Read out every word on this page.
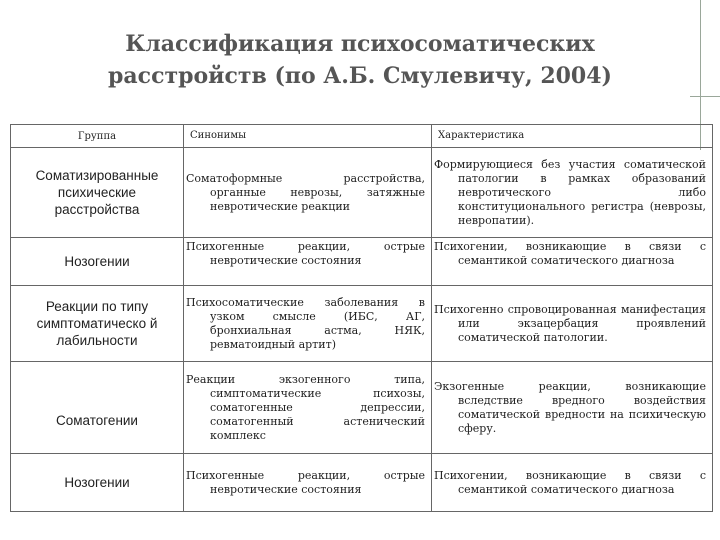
Классификация психосоматических
расстройств (по А.Б. Смулевичу, 2004)
Группа	Синонимы	Характеристика
Соматизированные психические расстройства	Соматоформные расстройства, органные неврозы, затяжные невротические реакции	Формирующиеся без участия соматической патологии в рамках образований невротического либо конституционального регистра (неврозы, невропатии).
Нозогении	Психогенные реакции, острые невротические состояния	Психогении, возникающие в связи с семантикой соматического диагноза
Реакции по типу симптоматическо й лабильности	Психосоматические заболевания в узком смысле (ИБС, АГ, бронхиальная астма, НЯК, ревматоидный артит)	Психогенно спровоцированная манифестация или экзацербация проявлений соматической патологии.
Соматогении	Реакции экзогенного типа, симптоматические психозы, соматогенные депрессии, соматогенный астенический комплекс	Экзогенные реакции, возникающие вследствие вредного воздействия соматической вредности на психическую сферу.
Нозогении	Психогенные реакции, острые невротические состояния	Психогении, возникающие в связи с семантикой соматического диагноза
